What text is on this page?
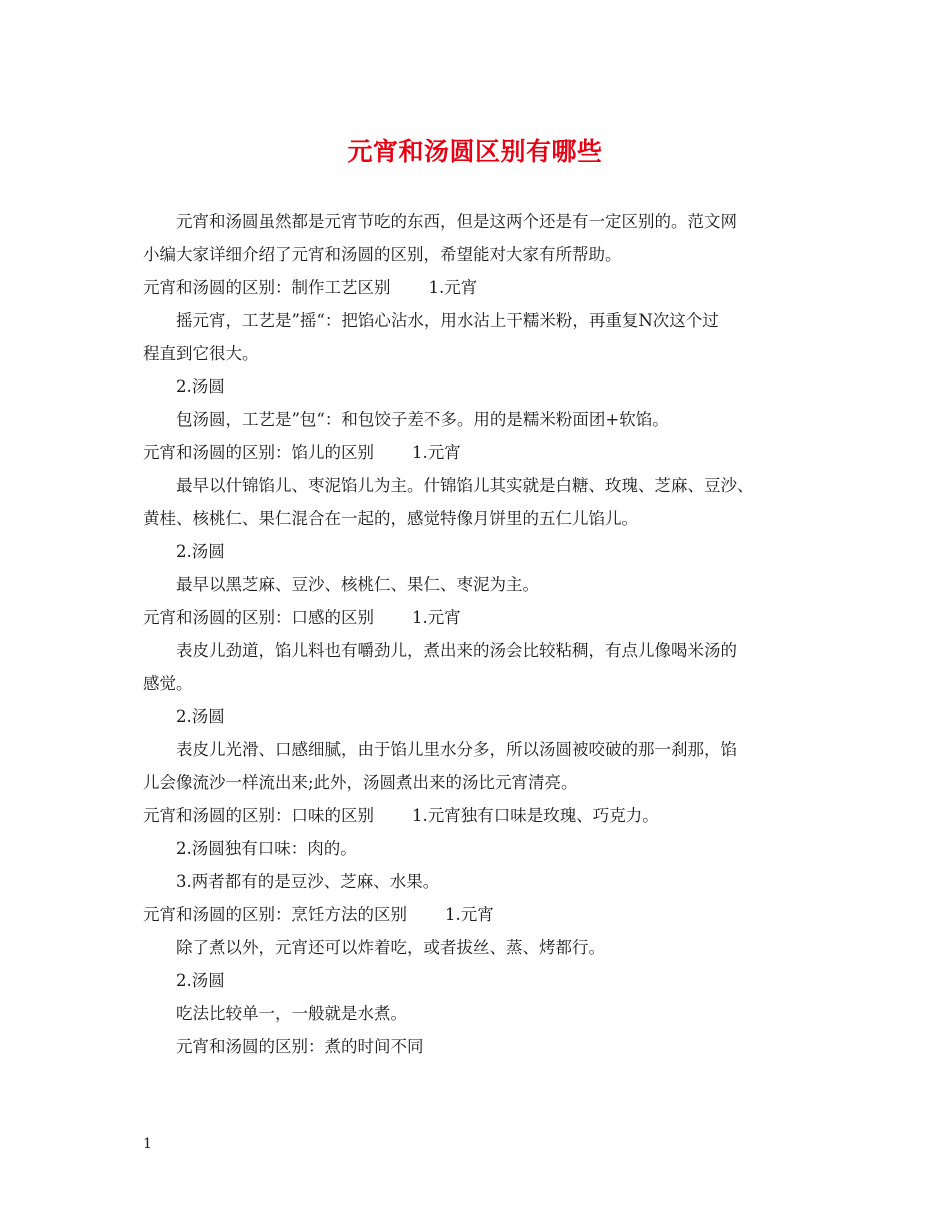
元宵和汤圆区别有哪些

元宵和汤圆虽然都是元宵节吃的东西，但是这两个还是有一定区别的。范文网

小编大家详细介绍了元宵和汤圆的区别，希望能对大家有所帮助。

元宵和汤圆的区别：制作工艺区别 1.元宵

摇元宵，工艺是”摇“：把馅心沾水，用水沾上干糯米粉，再重复N次这个过

程直到它很大。

2.汤圆

包汤圆，工艺是”包“：和包饺子差不多。用的是糯米粉面团+软馅。

元宵和汤圆的区别：馅儿的区别 1.元宵

最早以什锦馅儿、枣泥馅儿为主。什锦馅儿其实就是白糖、玫瑰、芝麻、豆沙、

黄桂、核桃仁、果仁混合在一起的，感觉特像月饼里的五仁儿馅儿。

2.汤圆

最早以黑芝麻、豆沙、核桃仁、果仁、枣泥为主。

元宵和汤圆的区别：口感的区别 1.元宵

表皮儿劲道，馅儿料也有嚼劲儿，煮出来的汤会比较粘稠，有点儿像喝米汤的

感觉。

2.汤圆

表皮儿光滑、口感细腻，由于馅儿里水分多，所以汤圆被咬破的那一刹那，馅

儿会像流沙一样流出来;此外，汤圆煮出来的汤比元宵清亮。

元宵和汤圆的区别：口味的区别 1.元宵独有口味是玫瑰、巧克力。

2.汤圆独有口味：肉的。

3.两者都有的是豆沙、芝麻、水果。

元宵和汤圆的区别：烹饪方法的区别 1.元宵

除了煮以外，元宵还可以炸着吃，或者拔丝、蒸、烤都行。

2.汤圆

吃法比较单一，一般就是水煮。

元宵和汤圆的区别：煮的时间不同

1
